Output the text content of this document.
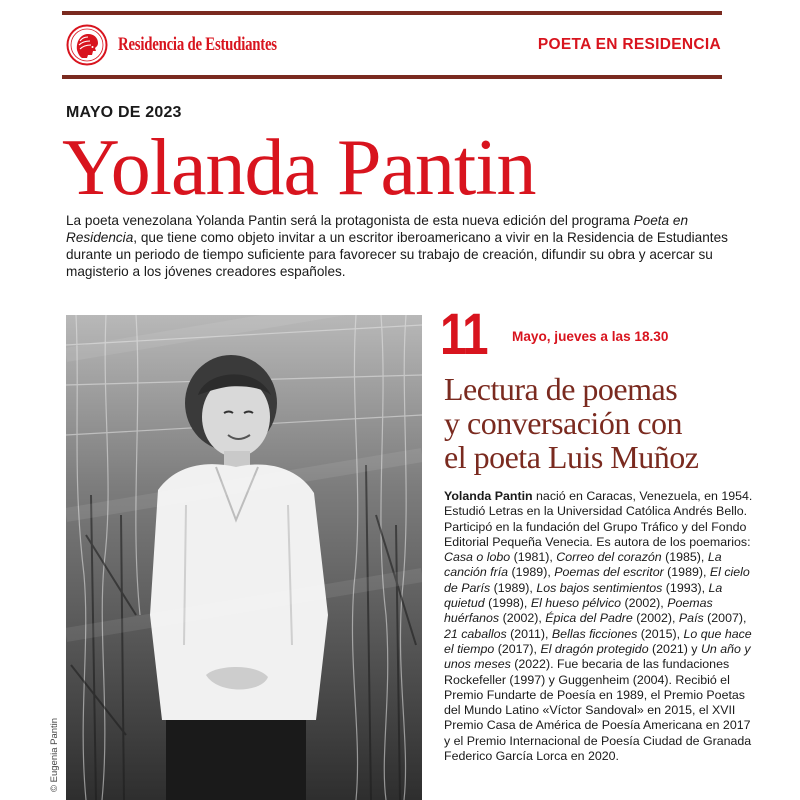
Residencia de Estudiantes	POETA EN RESIDENCIA
MAYO DE 2023
Yolanda Pantin

La poeta venezolana Yolanda Pantin será la protagonista de esta nueva edición del programa Poeta en Residencia, que tiene como objeto invitar a un escritor iberoamericano a vivir en la Residencia de Estudiantes durante un periodo de tiempo suficiente para favorecer su trabajo de creación, difundir su obra y acercar su magisterio a los jóvenes creadores españoles.

© Eugenia Pantin
11 Mayo, jueves a las 18.30
Lectura de poemas
y conversación con
el poeta Luis Muñoz

Yolanda Pantin nació en Caracas, Venezuela, en 1954. Estudió Letras en la Universidad Católica Andrés Bello. Participó en la fundación del Grupo Tráfico y del Fondo Editorial Pequeña Venecia. Es autora de los poemarios: Casa o lobo (1981), Correo del corazón (1985), La canción fría (1989), Poemas del escritor (1989), El cielo de París (1989), Los bajos sentimientos (1993), La quietud (1998), El hueso pélvico (2002), Poemas huérfanos (2002), Épica del Padre (2002), País (2007), 21 caballos (2011), Bellas ficciones (2015), Lo que hace el tiempo (2017), El dragón protegido (2021) y Un año y unos meses (2022). Fue becaria de las fundaciones Rockefeller (1997) y Guggenheim (2004). Recibió el Premio Fundarte de Poesía en 1989, el Premio Poetas del Mundo Latino «Víctor Sandoval» en 2015, el XVII Premio Casa de América de Poesía Americana en 2017 y el Premio Internacional de Poesía Ciudad de Granada Federico García Lorca en 2020.
